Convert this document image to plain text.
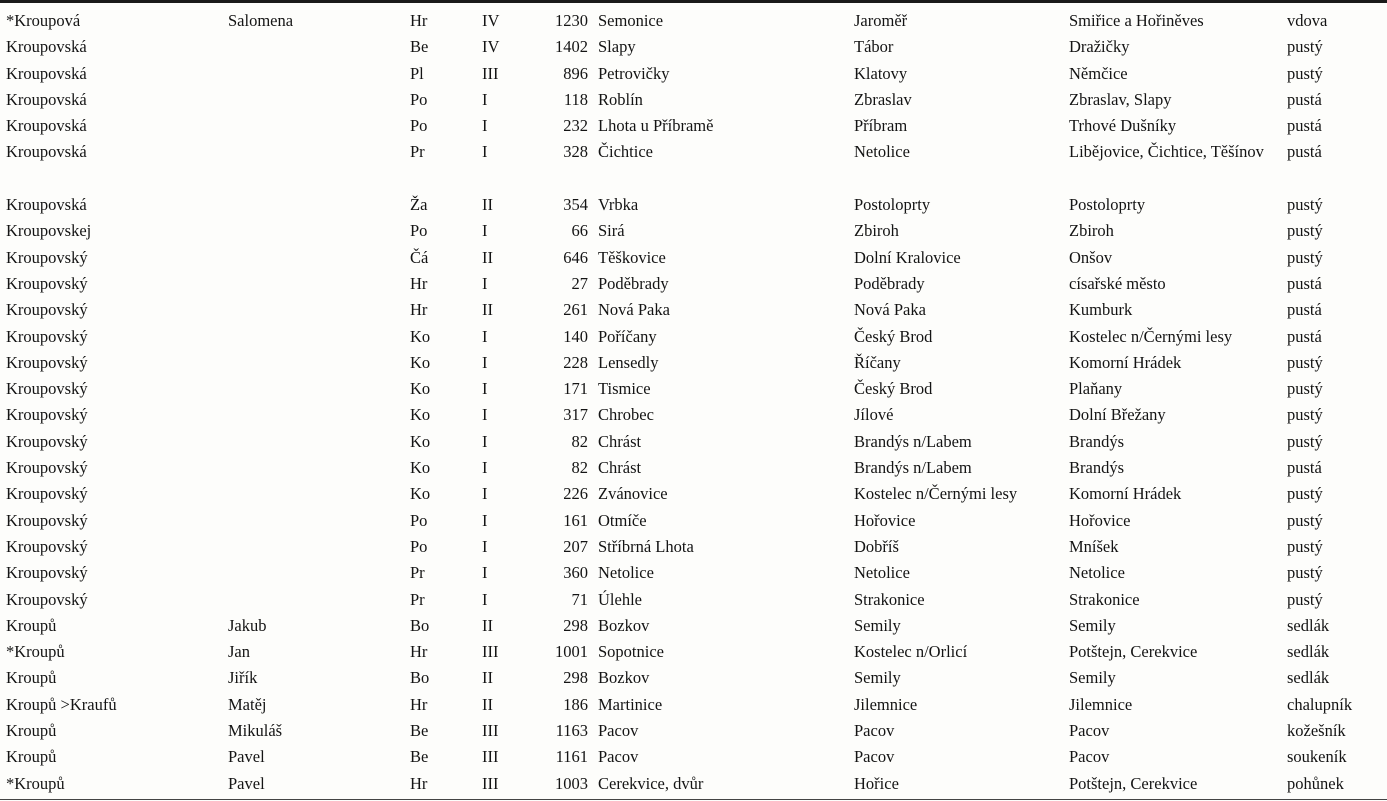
*Kroupová	Salomena	Hr	IV	1230	Semonice	Jaroměř	Smiřice a Hořiněves	vdova
Kroupovská		Be	IV	1402	Slapy	Tábor	Dražičky	pustý
Kroupovská		Pl	III	896	Petrovičky	Klatovy	Němčice	pustý
Kroupovská		Po	I	118	Roblín	Zbraslav	Zbraslav, Slapy	pustá
Kroupovská		Po	I	232	Lhota u Příbramě	Příbram	Trhové Dušníky	pustá
Kroupovská		Pr	I	328	Čichtice	Netolice	Libějovice, Čichtice, Těšínov	pustá
Kroupovská		Ža	II	354	Vrbka	Postoloprty	Postoloprty	pustý
Kroupovskej		Po	I	66	Sirá	Zbiroh	Zbiroh	pustý
Kroupovský		Čá	II	646	Těškovice	Dolní Kralovice	Onšov	pustý
Kroupovský		Hr	I	27	Poděbrady	Poděbrady	císařské město	pustá
Kroupovský		Hr	II	261	Nová Paka	Nová Paka	Kumburk	pustá
Kroupovský		Ko	I	140	Poříčany	Český Brod	Kostelec n/Černými lesy	pustá
Kroupovský		Ko	I	228	Lensedly	Říčany	Komorní Hrádek	pustý
Kroupovský		Ko	I	171	Tismice	Český Brod	Plaňany	pustý
Kroupovský		Ko	I	317	Chrobec	Jílové	Dolní Břežany	pustý
Kroupovský		Ko	I	82	Chrást	Brandýs n/Labem	Brandýs	pustý
Kroupovský		Ko	I	82	Chrást	Brandýs n/Labem	Brandýs	pustá
Kroupovský		Ko	I	226	Zvánovice	Kostelec n/Černými lesy	Komorní Hrádek	pustý
Kroupovský		Po	I	161	Otmíče	Hořovice	Hořovice	pustý
Kroupovský		Po	I	207	Stříbrná Lhota	Dobříš	Mníšek	pustý
Kroupovský		Pr	I	360	Netolice	Netolice	Netolice	pustý
Kroupovský		Pr	I	71	Úlehle	Strakonice	Strakonice	pustý
Kroupů	Jakub	Bo	II	298	Bozkov	Semily	Semily	sedlák
*Kroupů	Jan	Hr	III	1001	Sopotnice	Kostelec n/Orlicí	Potštejn, Cerekvice	sedlák
Kroupů	Jiřík	Bo	II	298	Bozkov	Semily	Semily	sedlák
Kroupů >Kraufů	Matěj	Hr	II	186	Martinice	Jilemnice	Jilemnice	chalupník
Kroupů	Mikuláš	Be	III	1163	Pacov	Pacov	Pacov	kožešník
Kroupů	Pavel	Be	III	1161	Pacov	Pacov	Pacov	soukeník
*Kroupů	Pavel	Hr	III	1003	Cerekvice, dvůr	Hořice	Potštejn, Cerekvice	pohůnek
